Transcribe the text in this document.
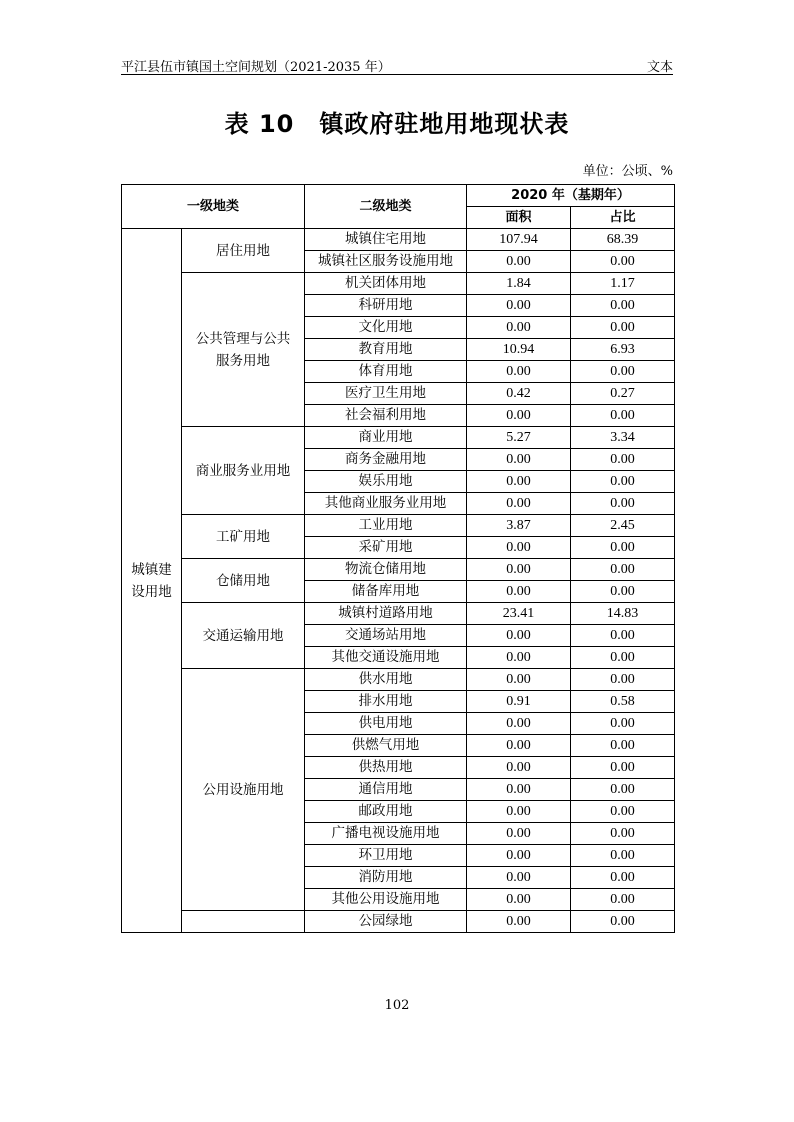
平江县伍市镇国土空间规划（2021-2035 年）	文本
表 10　镇政府驻地用地现状表
单位：公顷、%
一级地类		二级地类	2020 年（基期年）	
			面积	占比
城镇建设用地	居住用地	城镇住宅用地	107.94	68.39
		城镇社区服务设施用地	0.00	0.00
	公共管理与公共服务用地	机关团体用地	1.84	1.17
		科研用地	0.00	0.00
		文化用地	0.00	0.00
		教育用地	10.94	6.93
		体育用地	0.00	0.00
		医疗卫生用地	0.42	0.27
		社会福利用地	0.00	0.00
	商业服务业用地	商业用地	5.27	3.34
		商务金融用地	0.00	0.00
		娱乐用地	0.00	0.00
		其他商业服务业用地	0.00	0.00
	工矿用地	工业用地	3.87	2.45
		采矿用地	0.00	0.00
	仓储用地	物流仓储用地	0.00	0.00
		储备库用地	0.00	0.00
	交通运输用地	城镇村道路用地	23.41	14.83
		交通场站用地	0.00	0.00
		其他交通设施用地	0.00	0.00
	公用设施用地	供水用地	0.00	0.00
		排水用地	0.91	0.58
		供电用地	0.00	0.00
		供燃气用地	0.00	0.00
		供热用地	0.00	0.00
		通信用地	0.00	0.00
		邮政用地	0.00	0.00
		广播电视设施用地	0.00	0.00
		环卫用地	0.00	0.00
		消防用地	0.00	0.00
		其他公用设施用地	0.00	0.00
		公园绿地	0.00	0.00
102
